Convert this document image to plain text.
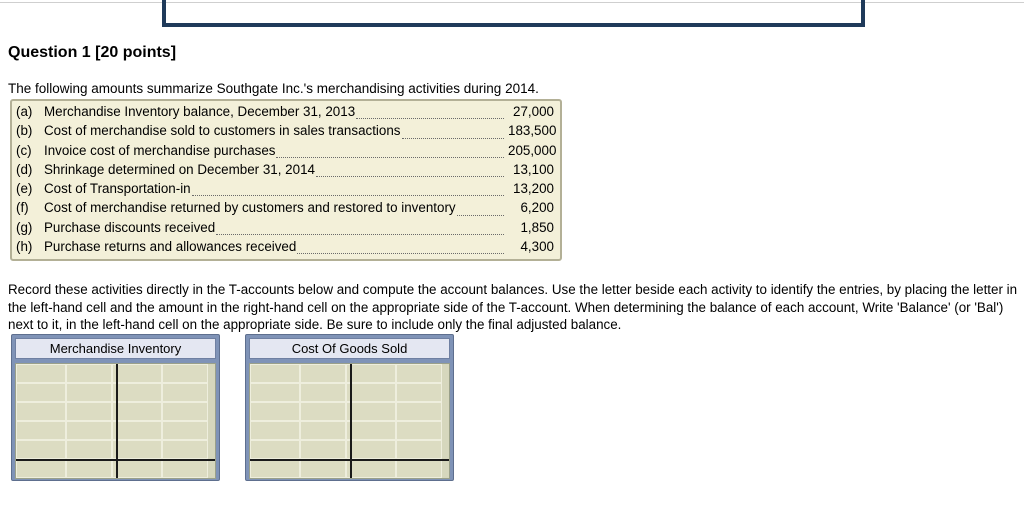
Question 1 [20 points]
The following amounts summarize Southgate Inc.'s merchandising activities during 2014.
(a) Merchandise Inventory balance, December 31, 2013	27,000
(b) Cost of merchandise sold to customers in sales transactions	183,500
(c) Invoice cost of merchandise purchases	205,000
(d) Shrinkage determined on December 31, 2014	13,100
(e) Cost of Transportation-in	13,200
(f)	Cost of merchandise returned by customers and restored to inventory	6,200
(g) Purchase discounts received	1,850
(h) Purchase returns and allowances received	4,300
Record these activities directly in the T-accounts below and compute the account balances. Use the letter beside each activity to identify the entries, by placing the letter in the left-hand cell and the amount in the right-hand cell on the appropriate side of the T-account. When determining the balance of each account, Write 'Balance' (or 'Bal') next to it, in the left-hand cell on the appropriate side. Be sure to include only the final adjusted balance.
Merchandise Inventory	Cost Of Goods Sold
